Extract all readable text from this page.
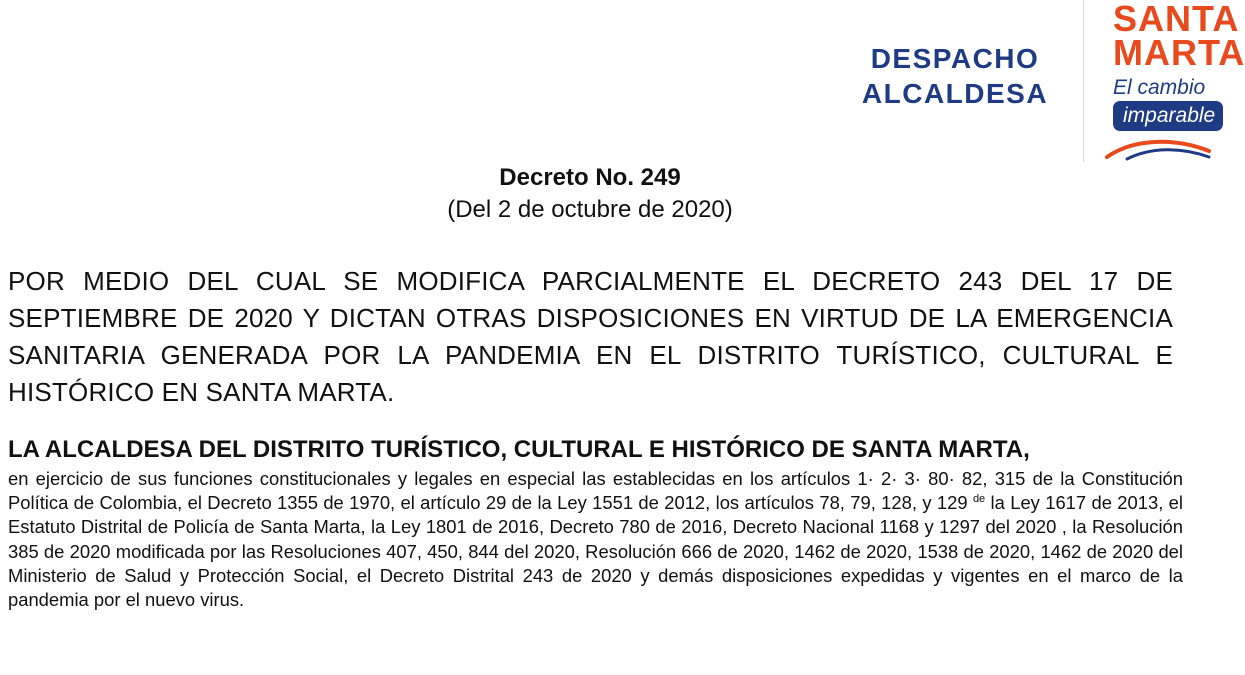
DESPACHO
ALCALDESA
SANTA
MARTA
El cambio
imparable
Decreto No. 249
(Del 2 de octubre de 2020)

POR MEDIO DEL CUAL SE MODIFICA PARCIALMENTE EL DECRETO 243 DEL 17 DE SEPTIEMBRE DE 2020 Y DICTAN OTRAS DISPOSICIONES EN VIRTUD DE LA EMERGENCIA SANITARIA GENERADA POR LA PANDEMIA EN EL DISTRITO TURÍSTICO, CULTURAL E HISTÓRICO EN SANTA MARTA.

LA ALCALDESA DEL DISTRITO TURÍSTICO, CULTURAL E HISTÓRICO DE SANTA MARTA,

en ejercicio de sus funciones constitucionales y legales en especial las establecidas en los artículos 1· 2· 3· 80· 82, 315 de la Constitución Política de Colombia, el Decreto 1355 de 1970, el artículo 29 de la Ley 1551 de 2012, los artículos 78, 79, 128, y 129 $^{de}$ la Ley 1617 de 2013, el Estatuto Distrital de Policía de Santa Marta, la Ley 1801 de 2016, Decreto 780 de 2016, Decreto Nacional 1168 y 1297 del 2020 , la Resolución 385 de 2020 modificada por las Resoluciones 407, 450, 844 del 2020, Resolución 666 de 2020, 1462 de 2020, 1538 de 2020, 1462 de 2020 del Ministerio de Salud y Protección Social, el Decreto Distrital 243 de 2020 y demás disposiciones expedidas y vigentes en el marco de la pandemia por el nuevo virus.
